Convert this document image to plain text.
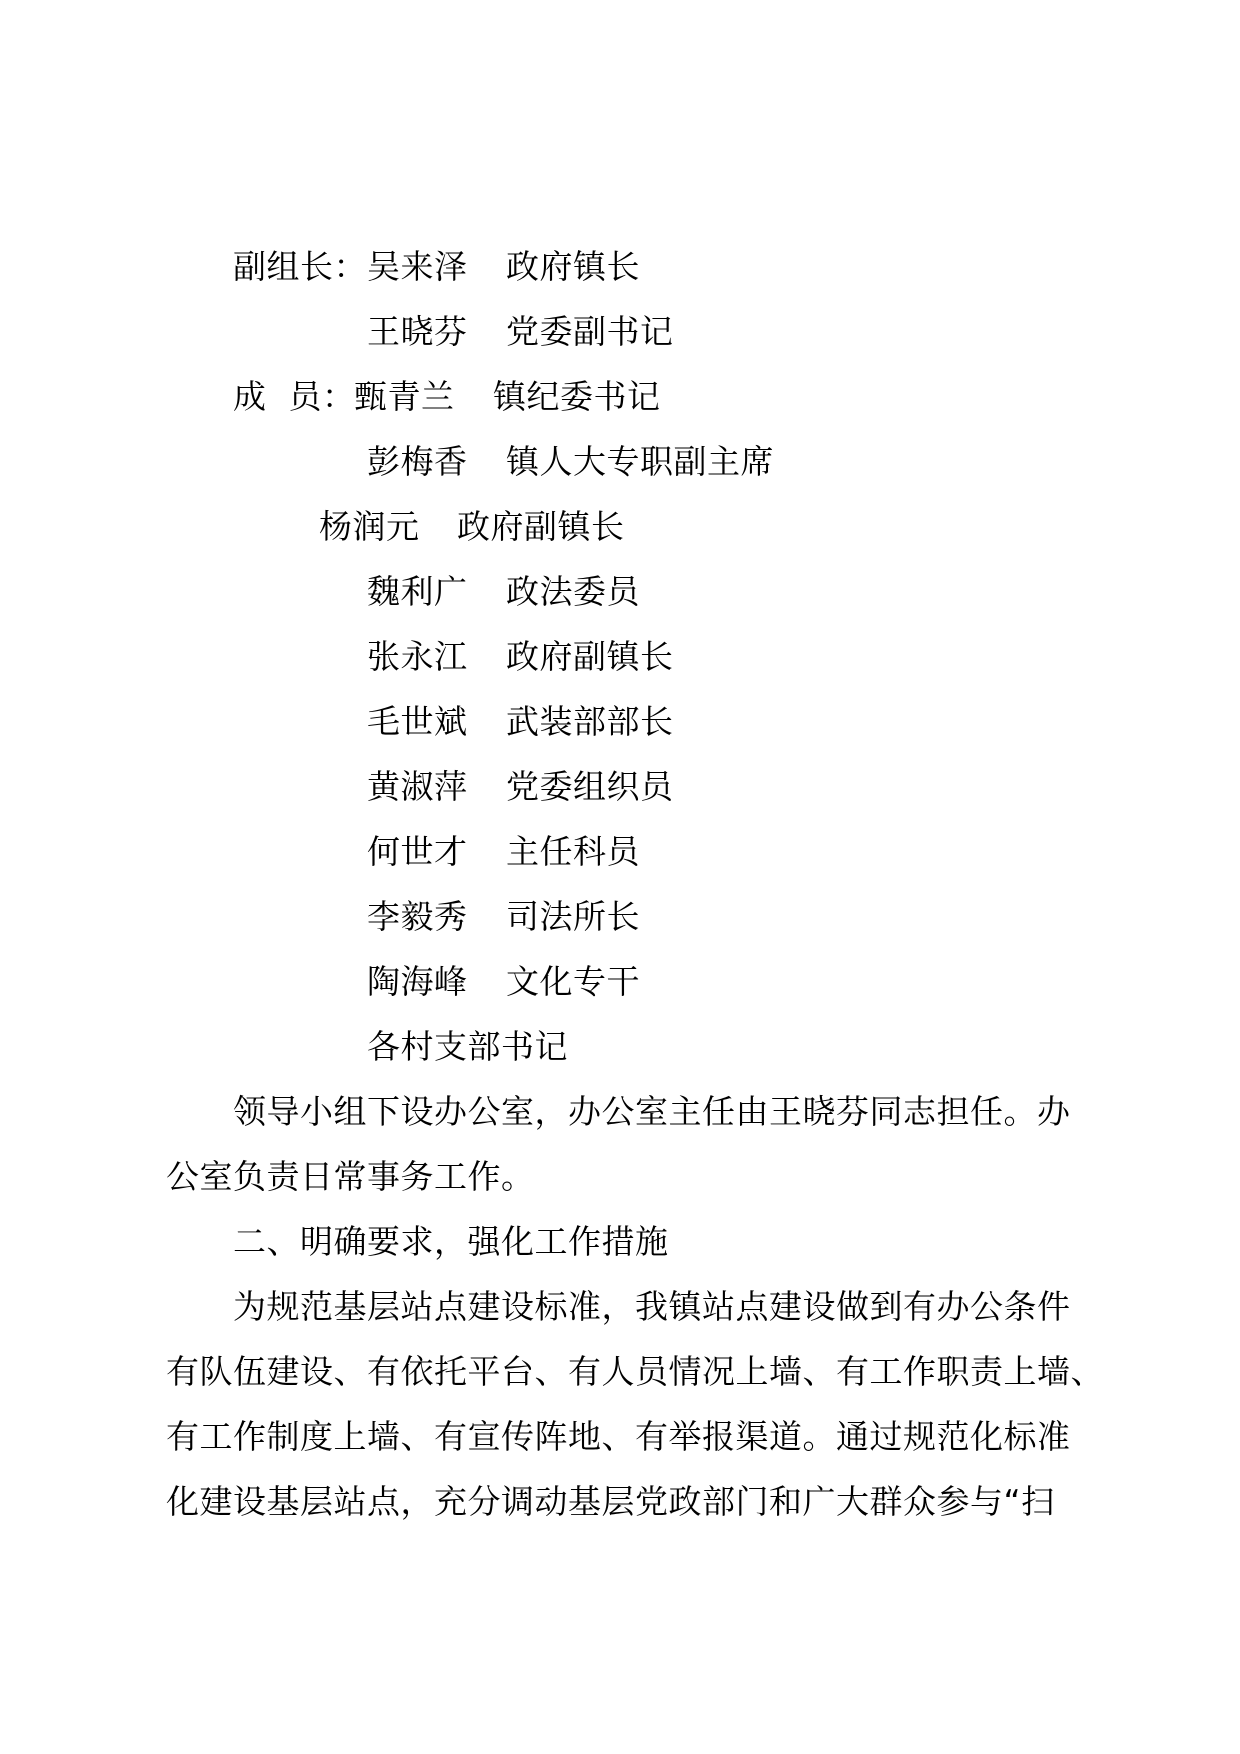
副组长：

吴来泽

政府镇长

王晓芬

党委副书记

成  员：

甄青兰

镇纪委书记

彭梅香

镇人大专职副主席

杨润元

政府副镇长

魏利广

政法委员

张永江

政府副镇长

毛世斌

武装部部长

黄淑萍

党委组织员

何世才

主任科员

李毅秀

司法所长

陶海峰

文化专干

各村支部书记

领导小组下设办公室，办公室主任由王晓芬同志担任。办
公室负责日常事务工作。
二、明确要求，强化工作措施
为规范基层站点建设标准，我镇站点建设做到有办公条件
有队伍建设、有依托平台、有人员情况上墙、有工作职责上墙、
有工作制度上墙、有宣传阵地、有举报渠道。通过规范化标准
化建设基层站点，充分调动基层党政部门和广大群众参与“扫
